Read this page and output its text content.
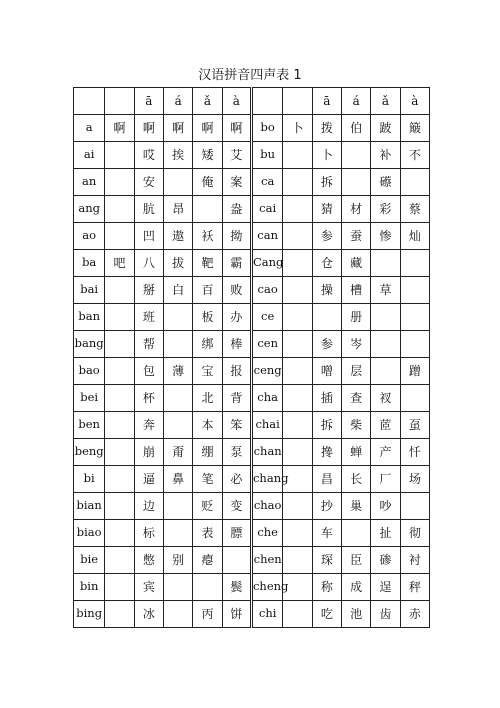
汉语拼音四声表 1
		ā	á	ǎ	à			ā	á	ǎ	à
a	啊	啊	啊	啊	啊	bo	卜	拨	伯	跛	簸
ai		哎	挨	矮	艾	bu		卜		补	不
an		安		俺	案	ca		拆		礤	
ang		肮	昂		盎	cai		猜	材	彩	蔡
ao		凹	遨	袄	拗	can		参	蚕	惨	灿
ba	吧	八	拔	靶	霸	Cang		仓	藏		
bai		掰	白	百	败	cao		操	槽	草	
ban		班		板	办	ce			册		
bang		帮		绑	棒	cen		参	岑		
bao		包	薄	宝	报	ceng		噌	层		蹭
bei		杯		北	背	cha		插	查	衩	
ben		奔		本	笨	chai		拆	柴	茝	虿
beng		崩	甭	绷	泵	chan		搀	蝉	产	忏
bi		逼	鼻	笔	必	chang		昌	长	厂	场
bian		边		贬	变	chao		抄	巢	吵	
biao		标		表	膘	che		车		扯	彻
bie		憋	别	瘪		chen		琛	臣	碜	衬
bin		宾			鬓	cheng		称	成	逞	秤
bing		冰		丙	饼	chi		吃	池	齿	赤
